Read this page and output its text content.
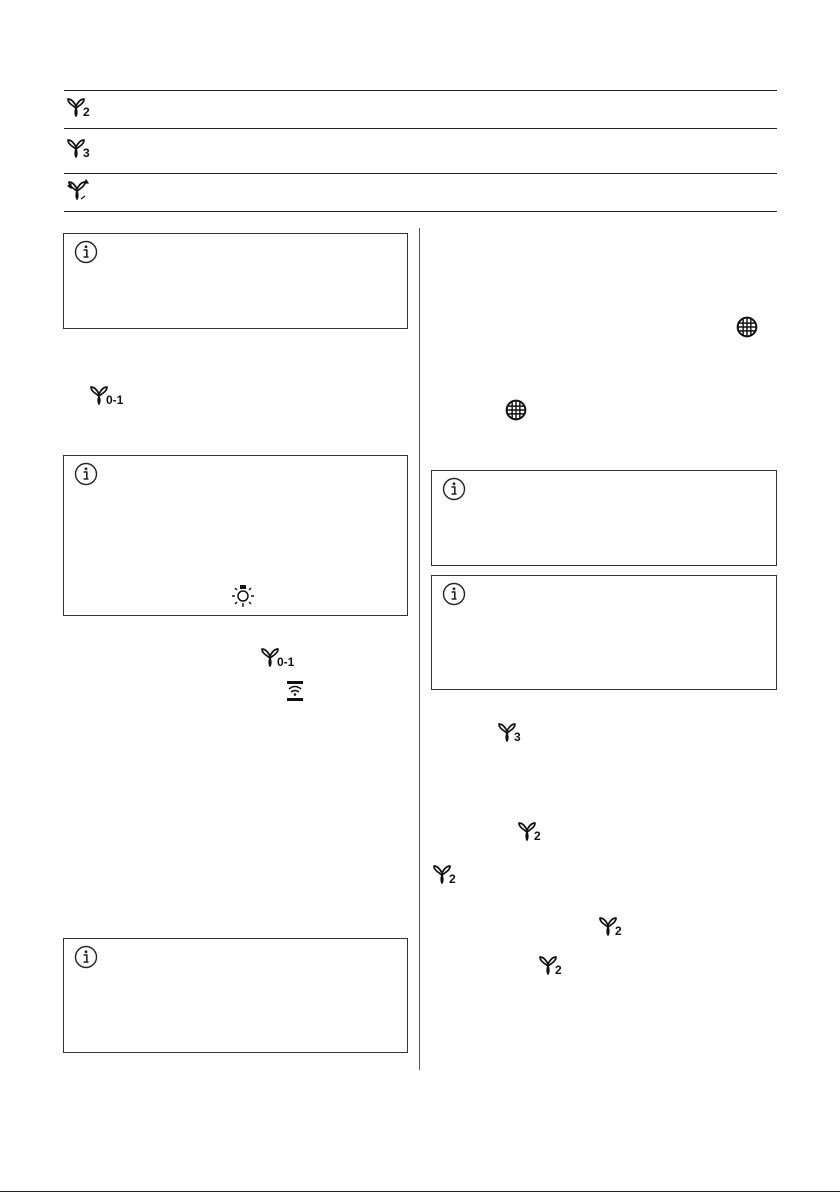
2
3
0-1
0-1
3
2
2
2
2
